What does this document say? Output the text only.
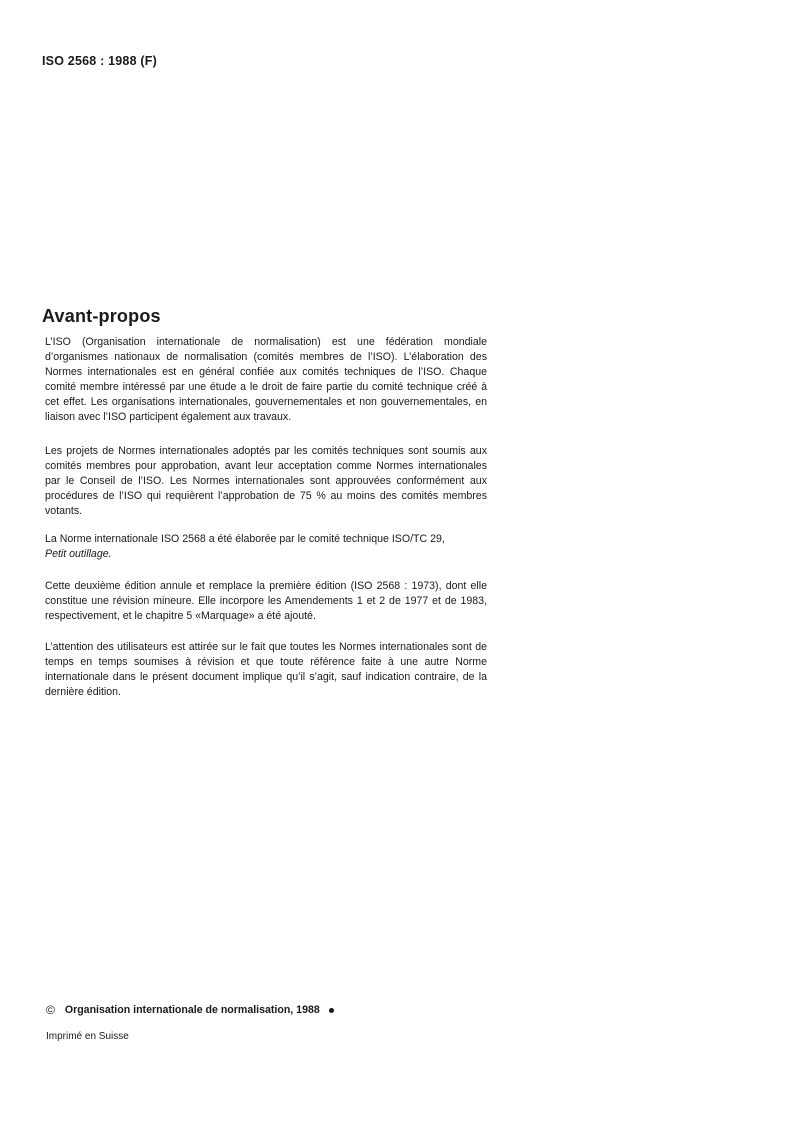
ISO 2568 : 1988 (F)
Avant-propos

L’ISO (Organisation internationale de normalisation) est une fédération mondiale d’organismes nationaux de normalisation (comités membres de l’ISO). L’élaboration des Normes internationales est en général confiée aux comités techniques de l’ISO. Chaque comité membre intéressé par une étude a le droit de faire partie du comité technique créé à cet effet. Les organisations internationales, gouvernementales et non gouvernementales, en liaison avec l’ISO participent également aux travaux.

Les projets de Normes internationales adoptés par les comités techniques sont soumis aux comités membres pour approbation, avant leur acceptation comme Normes internationales par le Conseil de l’ISO. Les Normes internationales sont approuvées conformément aux procédures de l’ISO qui requièrent l’approbation de 75 % au moins des comités membres votants.

La Norme internationale ISO 2568 a été élaborée par le comité technique ISO/TC 29,
Petit outillage.

Cette deuxième édition annule et remplace la première édition (ISO 2568 : 1973), dont elle constitue une révision mineure. Elle incorpore les Amendements 1 et 2 de 1977 et de 1983, respectivement, et le chapitre 5 «Marquage» a été ajouté.

L’attention des utilisateurs est attirée sur le fait que toutes les Normes internationales sont de temps en temps soumises à révision et que toute référence faite à une autre Norme internationale dans le présent document implique qu’il s’agit, sauf indication contraire, de la dernière édition.

© Organisation internationale de normalisation, 1988
Imprimé en Suisse
